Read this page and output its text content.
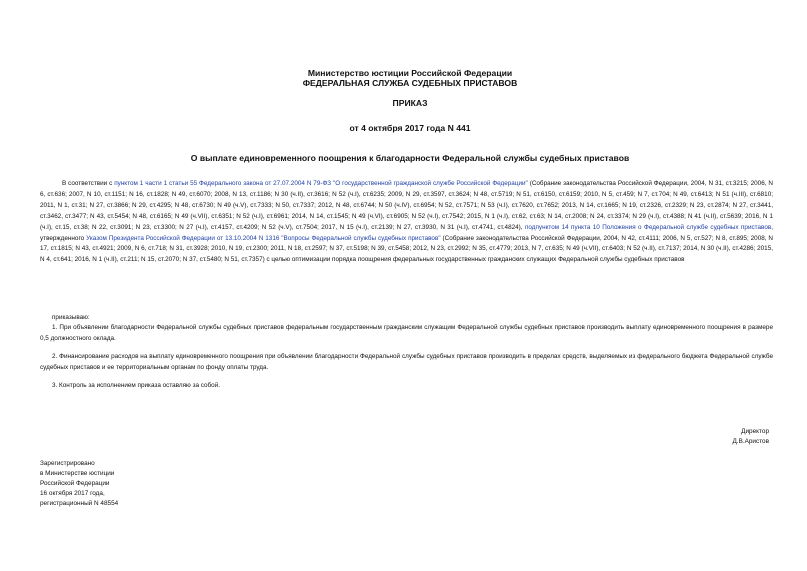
Министерство юстиции Российской Федерации
ФЕДЕРАЛЬНАЯ СЛУЖБА СУДЕБНЫХ ПРИСТАВОВ
ПРИКАЗ
от 4 октября 2017 года N 441
О выплате единовременного поощрения к благодарности Федеральной службы судебных приставов

В соответствии с пунктом 1 части 1 статьи 55 Федерального закона от 27.07.2004 N 79-ФЗ "О государственной гражданской службе Российской Федерации" (Собрание законодательства Российской Федерации, 2004, N 31, ст.3215; 2006, N 6, ст.636; 2007, N 10, ст.1151; N 16, ст.1828; N 49, ст.6070; 2008, N 13, ст.1186; N 30 (ч.II), ст.3616; N 52 (ч.I), ст.6235; 2009, N 29, ст.3597, ст.3624; N 48, ст.5719; N 51, ст.6150, ст.6159; 2010, N 5, ст.459; N 7, ст.704; N 49, ст.6413; N 51 (ч.III), ст.6810; 2011, N 1, ст.31; N 27, ст.3866; N 29, ст.4295; N 48, ст.6730; N 49 (ч.V), ст.7333; N 50, ст.7337; 2012, N 48, ст.6744; N 50 (ч.IV), ст.6954; N 52, ст.7571; N 53 (ч.I), ст.7620, ст.7652; 2013, N 14, ст.1665; N 19, ст.2326, ст.2329; N 23, ст.2874; N 27, ст.3441, ст.3462, ст.3477; N 43, ст.5454; N 48, ст.6165; N 49 (ч.VII), ст.6351; N 52 (ч.I), ст.6961; 2014, N 14, ст.1545; N 49 (ч.VI), ст.6905; N 52 (ч.I), ст.7542; 2015, N 1 (ч.I), ст.62, ст.63; N 14, ст.2008; N 24, ст.3374; N 29 (ч.I), ст.4388; N 41 (ч.II), ст.5639; 2016, N 1 (ч.I), ст.15, ст.38; N 22, ст.3091; N 23, ст.3300; N 27 (ч.I), ст.4157, ст.4209; N 52 (ч.V), ст.7504; 2017, N 15 (ч.I), ст.2139; N 27, ст.3930, N 31 (ч.I), ст.4741, ст.4824), подпунктом 14 пункта 10 Положения о Федеральной службе судебных приставов, утвержденного Указом Президента Российской Федерации от 13.10.2004 N 1316 "Вопросы Федеральной службы судебных приставов" (Собрание законодательства Российской Федерации, 2004, N 42, ст.4111; 2006, N 5, ст.527; N 8, ст.895; 2008, N 17, ст.1815; N 43, ст.4921; 2009, N 6, ст.718; N 31, ст.3928; 2010, N 19, ст.2300; 2011, N 18, ст.2597; N 37, ст.5198; N 39, ст.5458; 2012, N 23, ст.2992; N 35, ст.4779; 2013, N 7, ст.635; N 49 (ч.VII), ст.6403; N 52 (ч.II), ст.7137; 2014, N 30 (ч.II), ст.4286; 2015, N 4, ст.641; 2016, N 1 (ч.II), ст.211; N 15, ст.2070; N 37, ст.5480; N 51, ст.7357) с целью оптимизации порядка поощрения федеральных государственных гражданских служащих Федеральной службы судебных приставов

приказываю:

1. При объявлении благодарности Федеральной службы судебных приставов федеральным государственным гражданским служащим Федеральной службы судебных приставов производить выплату единовременного поощрения в размере 0,5 должностного оклада.

2. Финансирование расходов на выплату единовременного поощрения при объявлении благодарности Федеральной службы судебных приставов производить в пределах средств, выделяемых из федерального бюджета Федеральной службе судебных приставов и ее территориальным органам по фонду оплаты труда.

3. Контроль за исполнением приказа оставляю за собой.

Директор
Д.В.Аристов
Зарегистрировано
в Министерстве юстиции
Российской Федерации
16 октября 2017 года,
регистрационный N 48554
